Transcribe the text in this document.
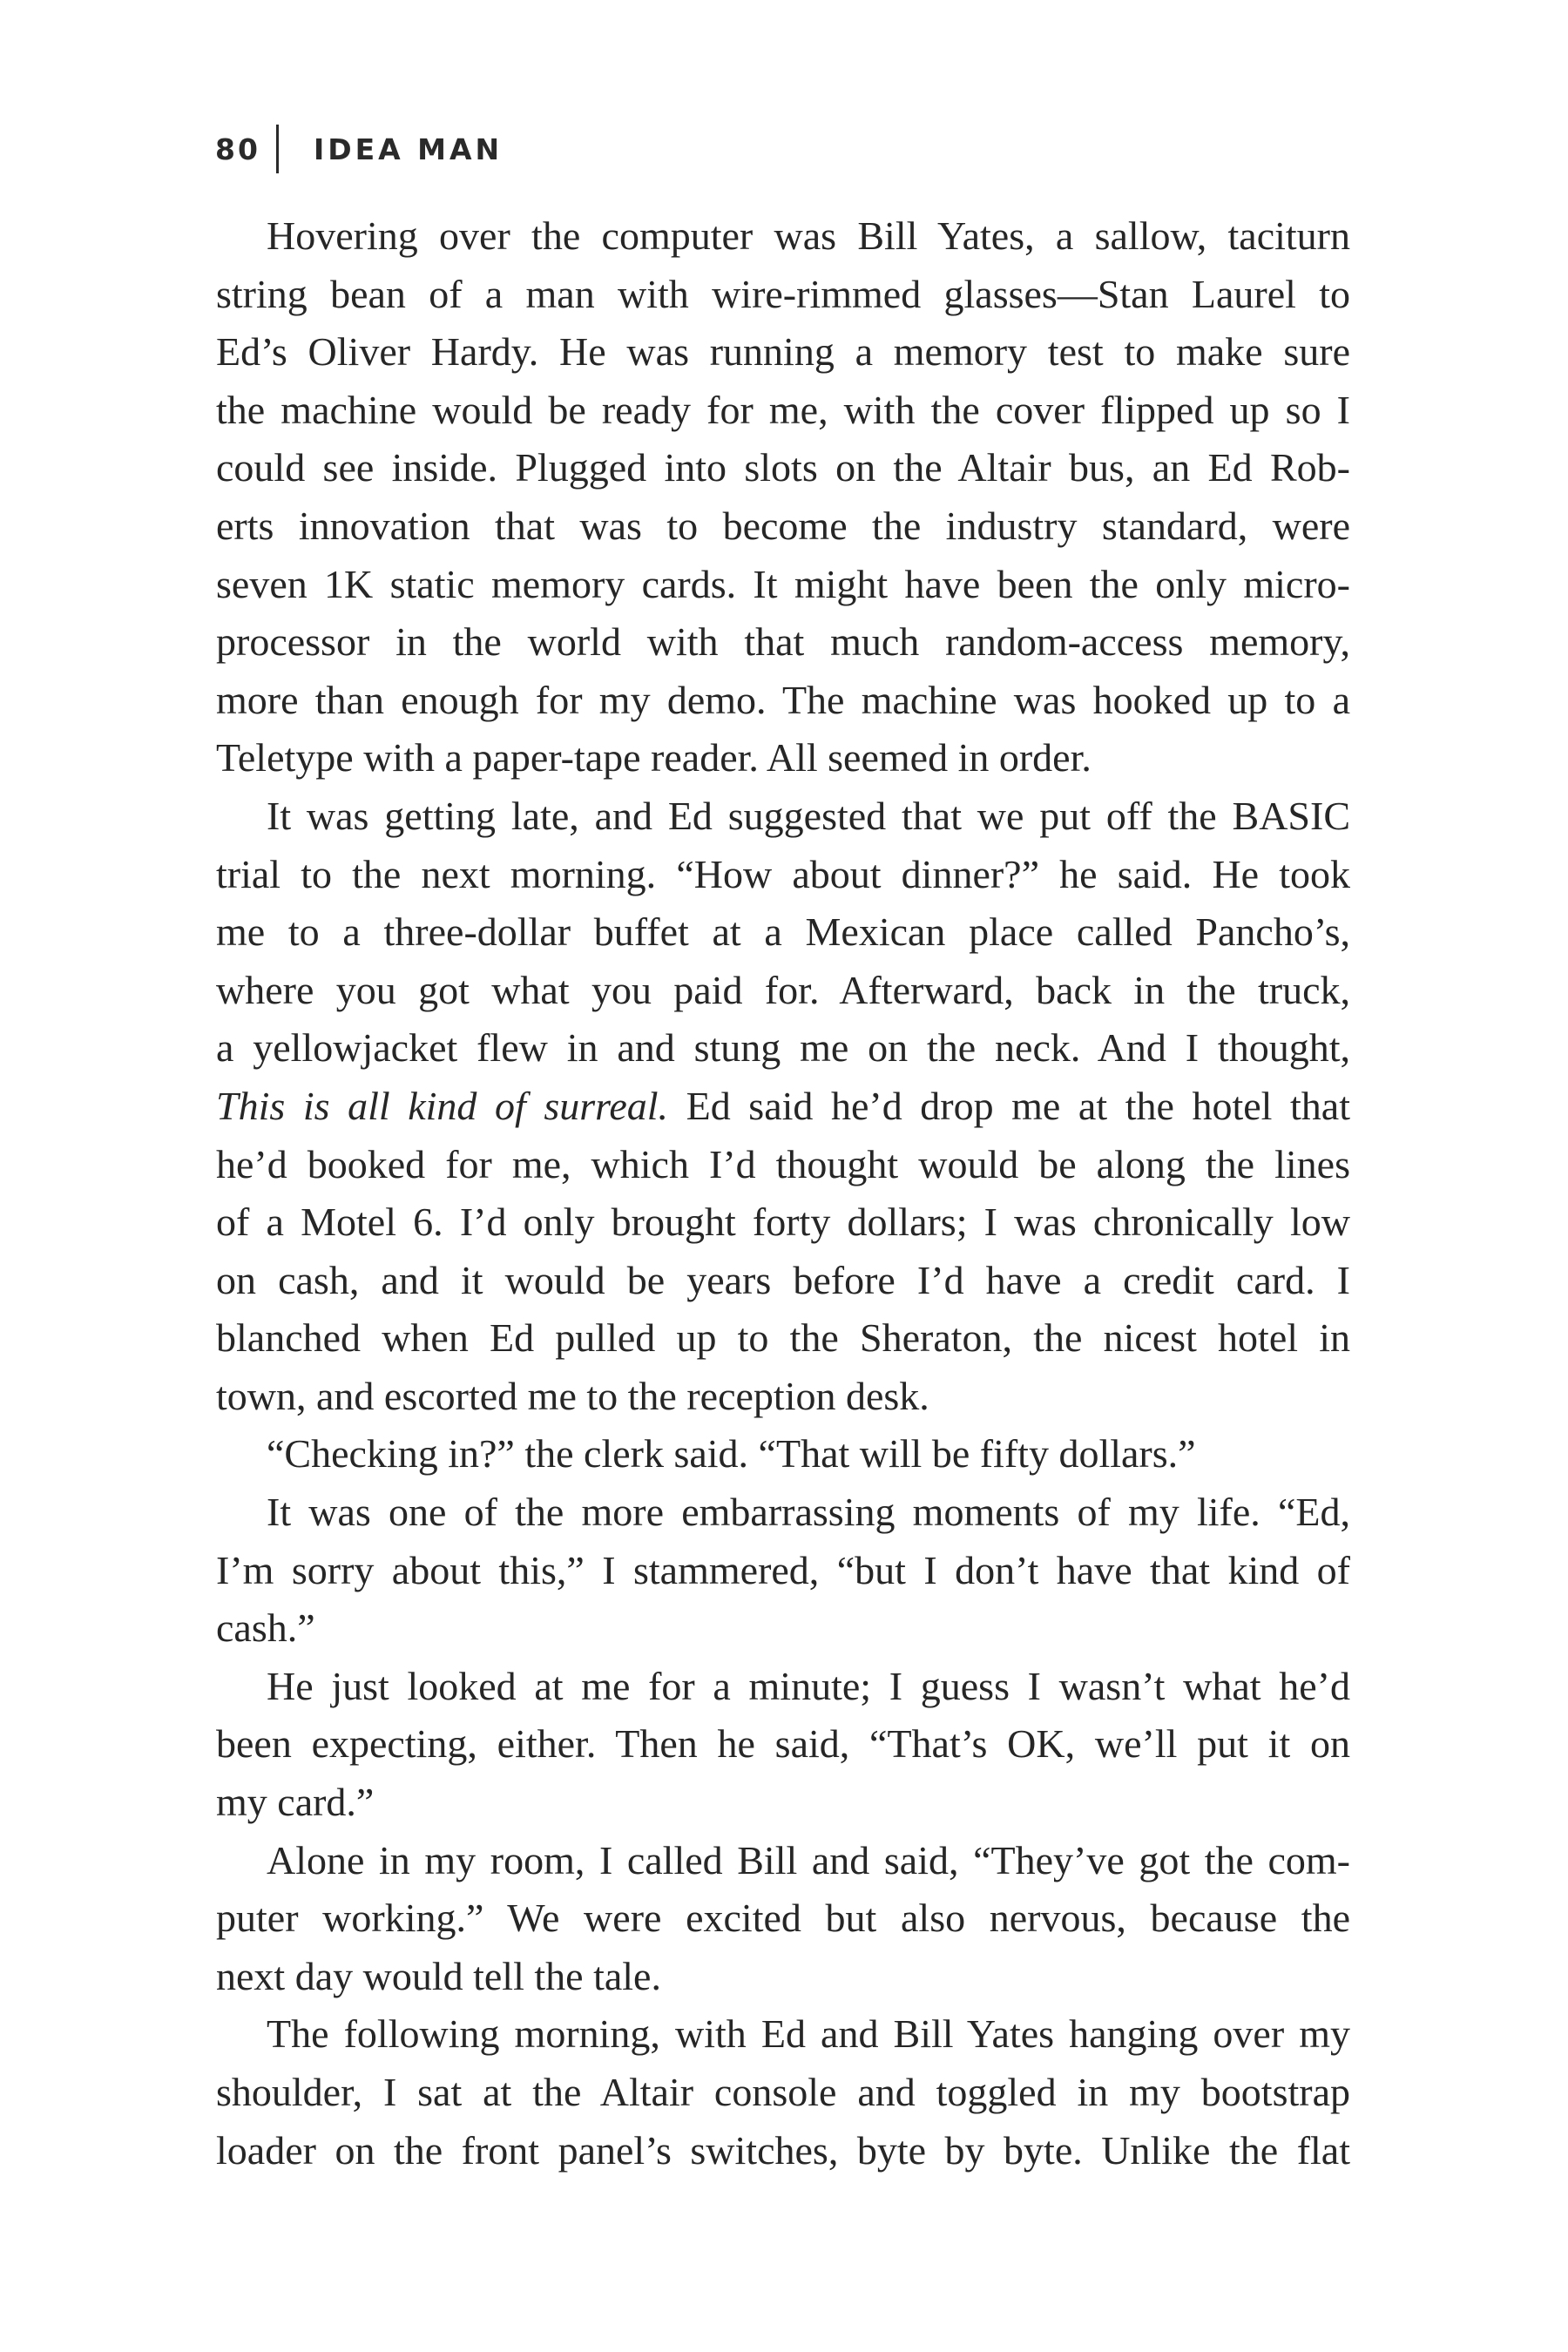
80	IDEA MAN

Hovering over the computer was Bill Yates, a sallow, taciturn
string bean of a man with wire-rimmed glasses—Stan Laurel to
Ed’s Oliver Hardy. He was running a memory test to make sure
the machine would be ready for me, with the cover flipped up so I
could see inside. Plugged into slots on the Altair bus, an Ed Rob-
erts innovation that was to become the industry standard, were
seven 1K static memory cards. It might have been the only micro-
processor in the world with that much random-access memory,
more than enough for my demo. The machine was hooked up to a
Teletype with a paper-tape reader. All seemed in order.

It was getting late, and Ed suggested that we put off the BASIC
trial to the next morning. “How about dinner?” he said. He took
me to a three-dollar buffet at a Mexican place called Pancho’s,
where you got what you paid for. Afterward, back in the truck,
a yellowjacket flew in and stung me on the neck. And I thought,
This is all kind of surreal. Ed said he’d drop me at the hotel that
he’d booked for me, which I’d thought would be along the lines
of a Motel 6. I’d only brought forty dollars; I was chronically low
on cash, and it would be years before I’d have a credit card. I
blanched when Ed pulled up to the Sheraton, the nicest hotel in
town, and escorted me to the reception desk.

“Checking in?” the clerk said. “That will be fifty dollars.”

It was one of the more embarrassing moments of my life. “Ed,
I’m sorry about this,” I stammered, “but I don’t have that kind of
cash.”

He just looked at me for a minute; I guess I wasn’t what he’d
been expecting, either. Then he said, “That’s OK, we’ll put it on
my card.”

Alone in my room, I called Bill and said, “They’ve got the com-
puter working.” We were excited but also nervous, because the
next day would tell the tale.

The following morning, with Ed and Bill Yates hanging over my
shoulder, I sat at the Altair console and toggled in my bootstrap
loader on the front panel’s switches, byte by byte. Unlike the flat
